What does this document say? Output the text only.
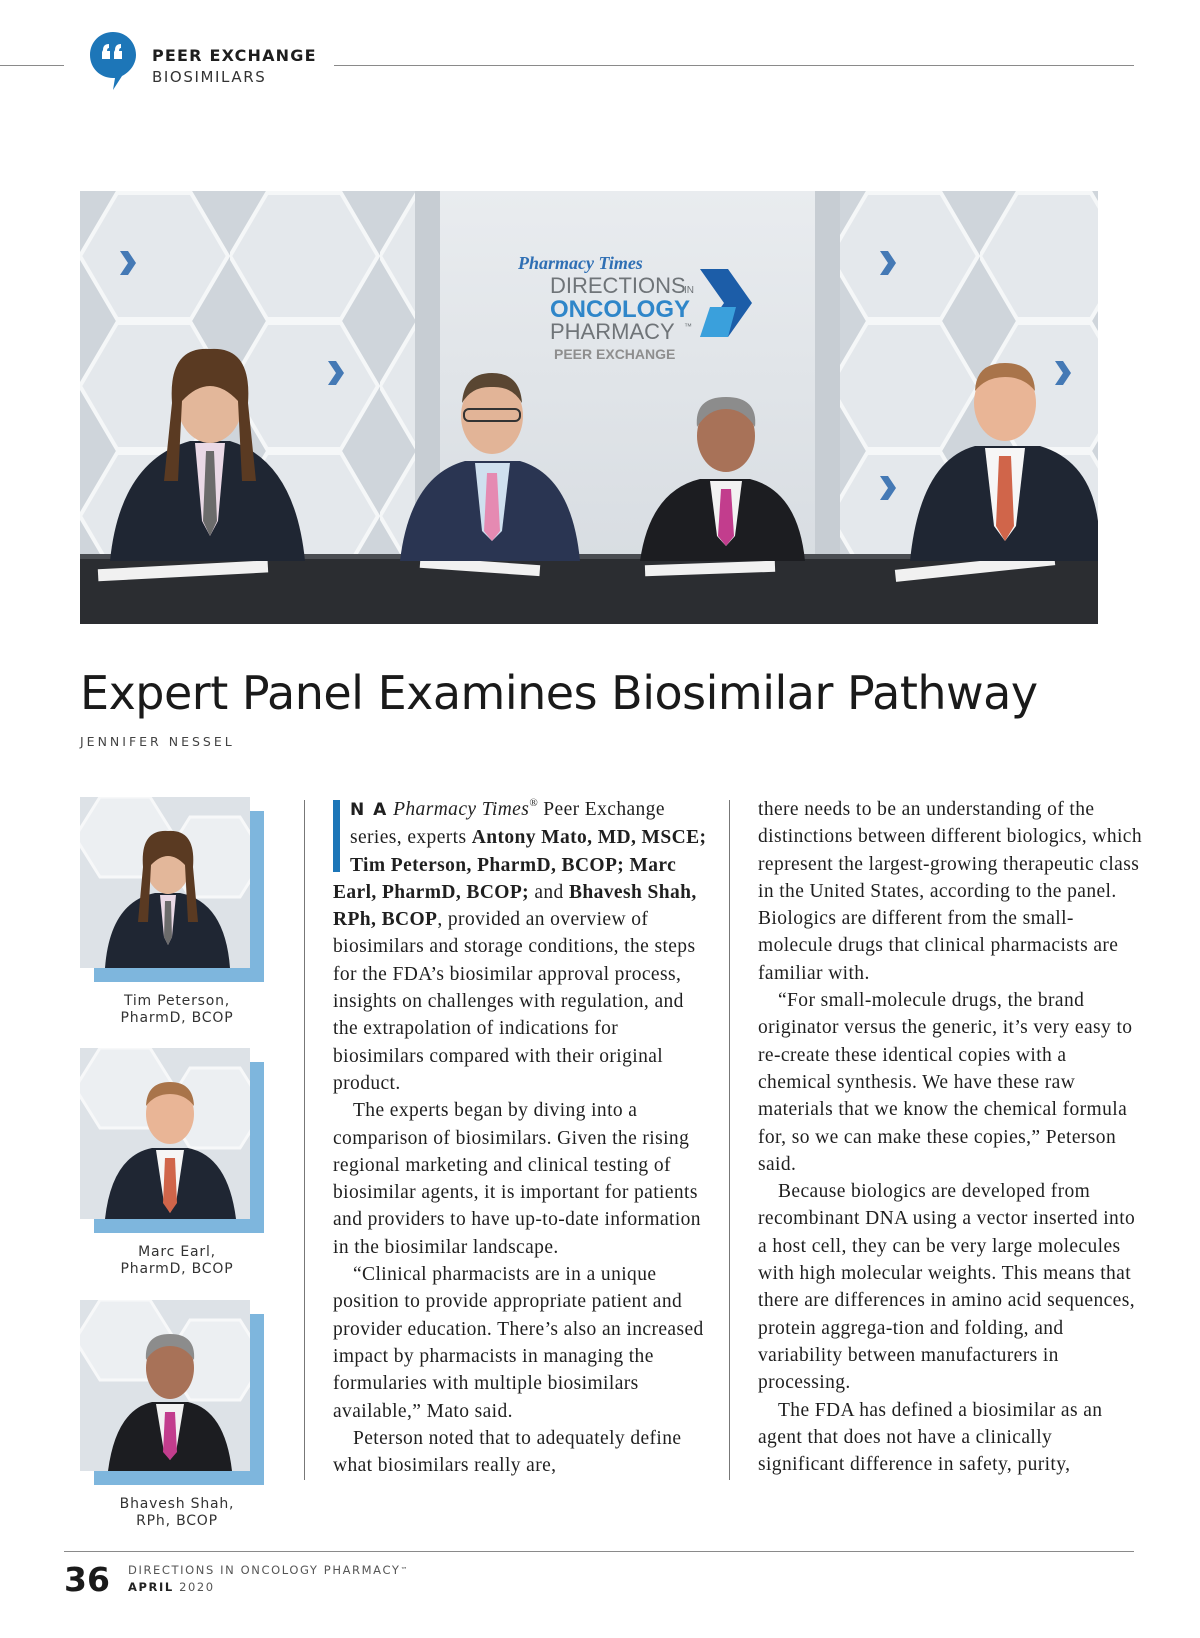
PEER EXCHANGE
BIOSIMILARS
Pharmacy Times
DIRECTIONS
IN
ONCOLOGY
PHARMACY ™
PEER EXCHANGE
Expert Panel Examines Biosimilar Pathway
JENNIFER NESSEL
Tim Peterson,
PharmD, BCOP
Marc Earl,
PharmD, BCOP
Bhavesh Shah,
RPh, BCOP

N A Pharmacy Times® Peer Exchange series, experts Antony Mato, MD, MSCE; Tim Peterson, PharmD, BCOP; Marc Earl, PharmD, BCOP; and Bhavesh Shah, RPh, BCOP, provided an overview of biosimilars and storage conditions, the steps for the FDA’s biosimilar approval process, insights on challenges with regulation, and the extrapolation of indications for biosimilars compared with their original product.

The experts began by diving into a comparison of biosimilars. Given the rising regional marketing and clinical testing of biosimilar agents, it is important for patients and providers to have up-to-date information in the biosimilar landscape.

“Clinical pharmacists are in a unique position to provide appropriate patient and provider education. There’s also an increased impact by pharmacists in managing the formularies with multiple biosimilars available,” Mato said.

Peterson noted that to adequately define what biosimilars really are,

there needs to be an understanding of the distinctions between different biologics, which represent the largest-growing therapeutic class in the United States, according to the panel. Biologics are different from the small-molecule drugs that clinical pharmacists are familiar with.

“For small-molecule drugs, the brand originator versus the generic, it’s very easy to re-create these identical copies with a chemical synthesis. We have these raw materials that we know the chemical formula for, so we can make these copies,” Peterson said.

Because biologics are developed from recombinant DNA using a vector inserted into a host cell, they can be very large molecules with high molecular weights. This means that there are differences in amino acid sequences, protein aggrega-tion and folding, and variability between manufacturers in processing.

The FDA has defined a biosimilar as an agent that does not have a clinically significant difference in safety, purity,

36 DIRECTIONS IN ONCOLOGY PHARMACY™
APRIL 2020
